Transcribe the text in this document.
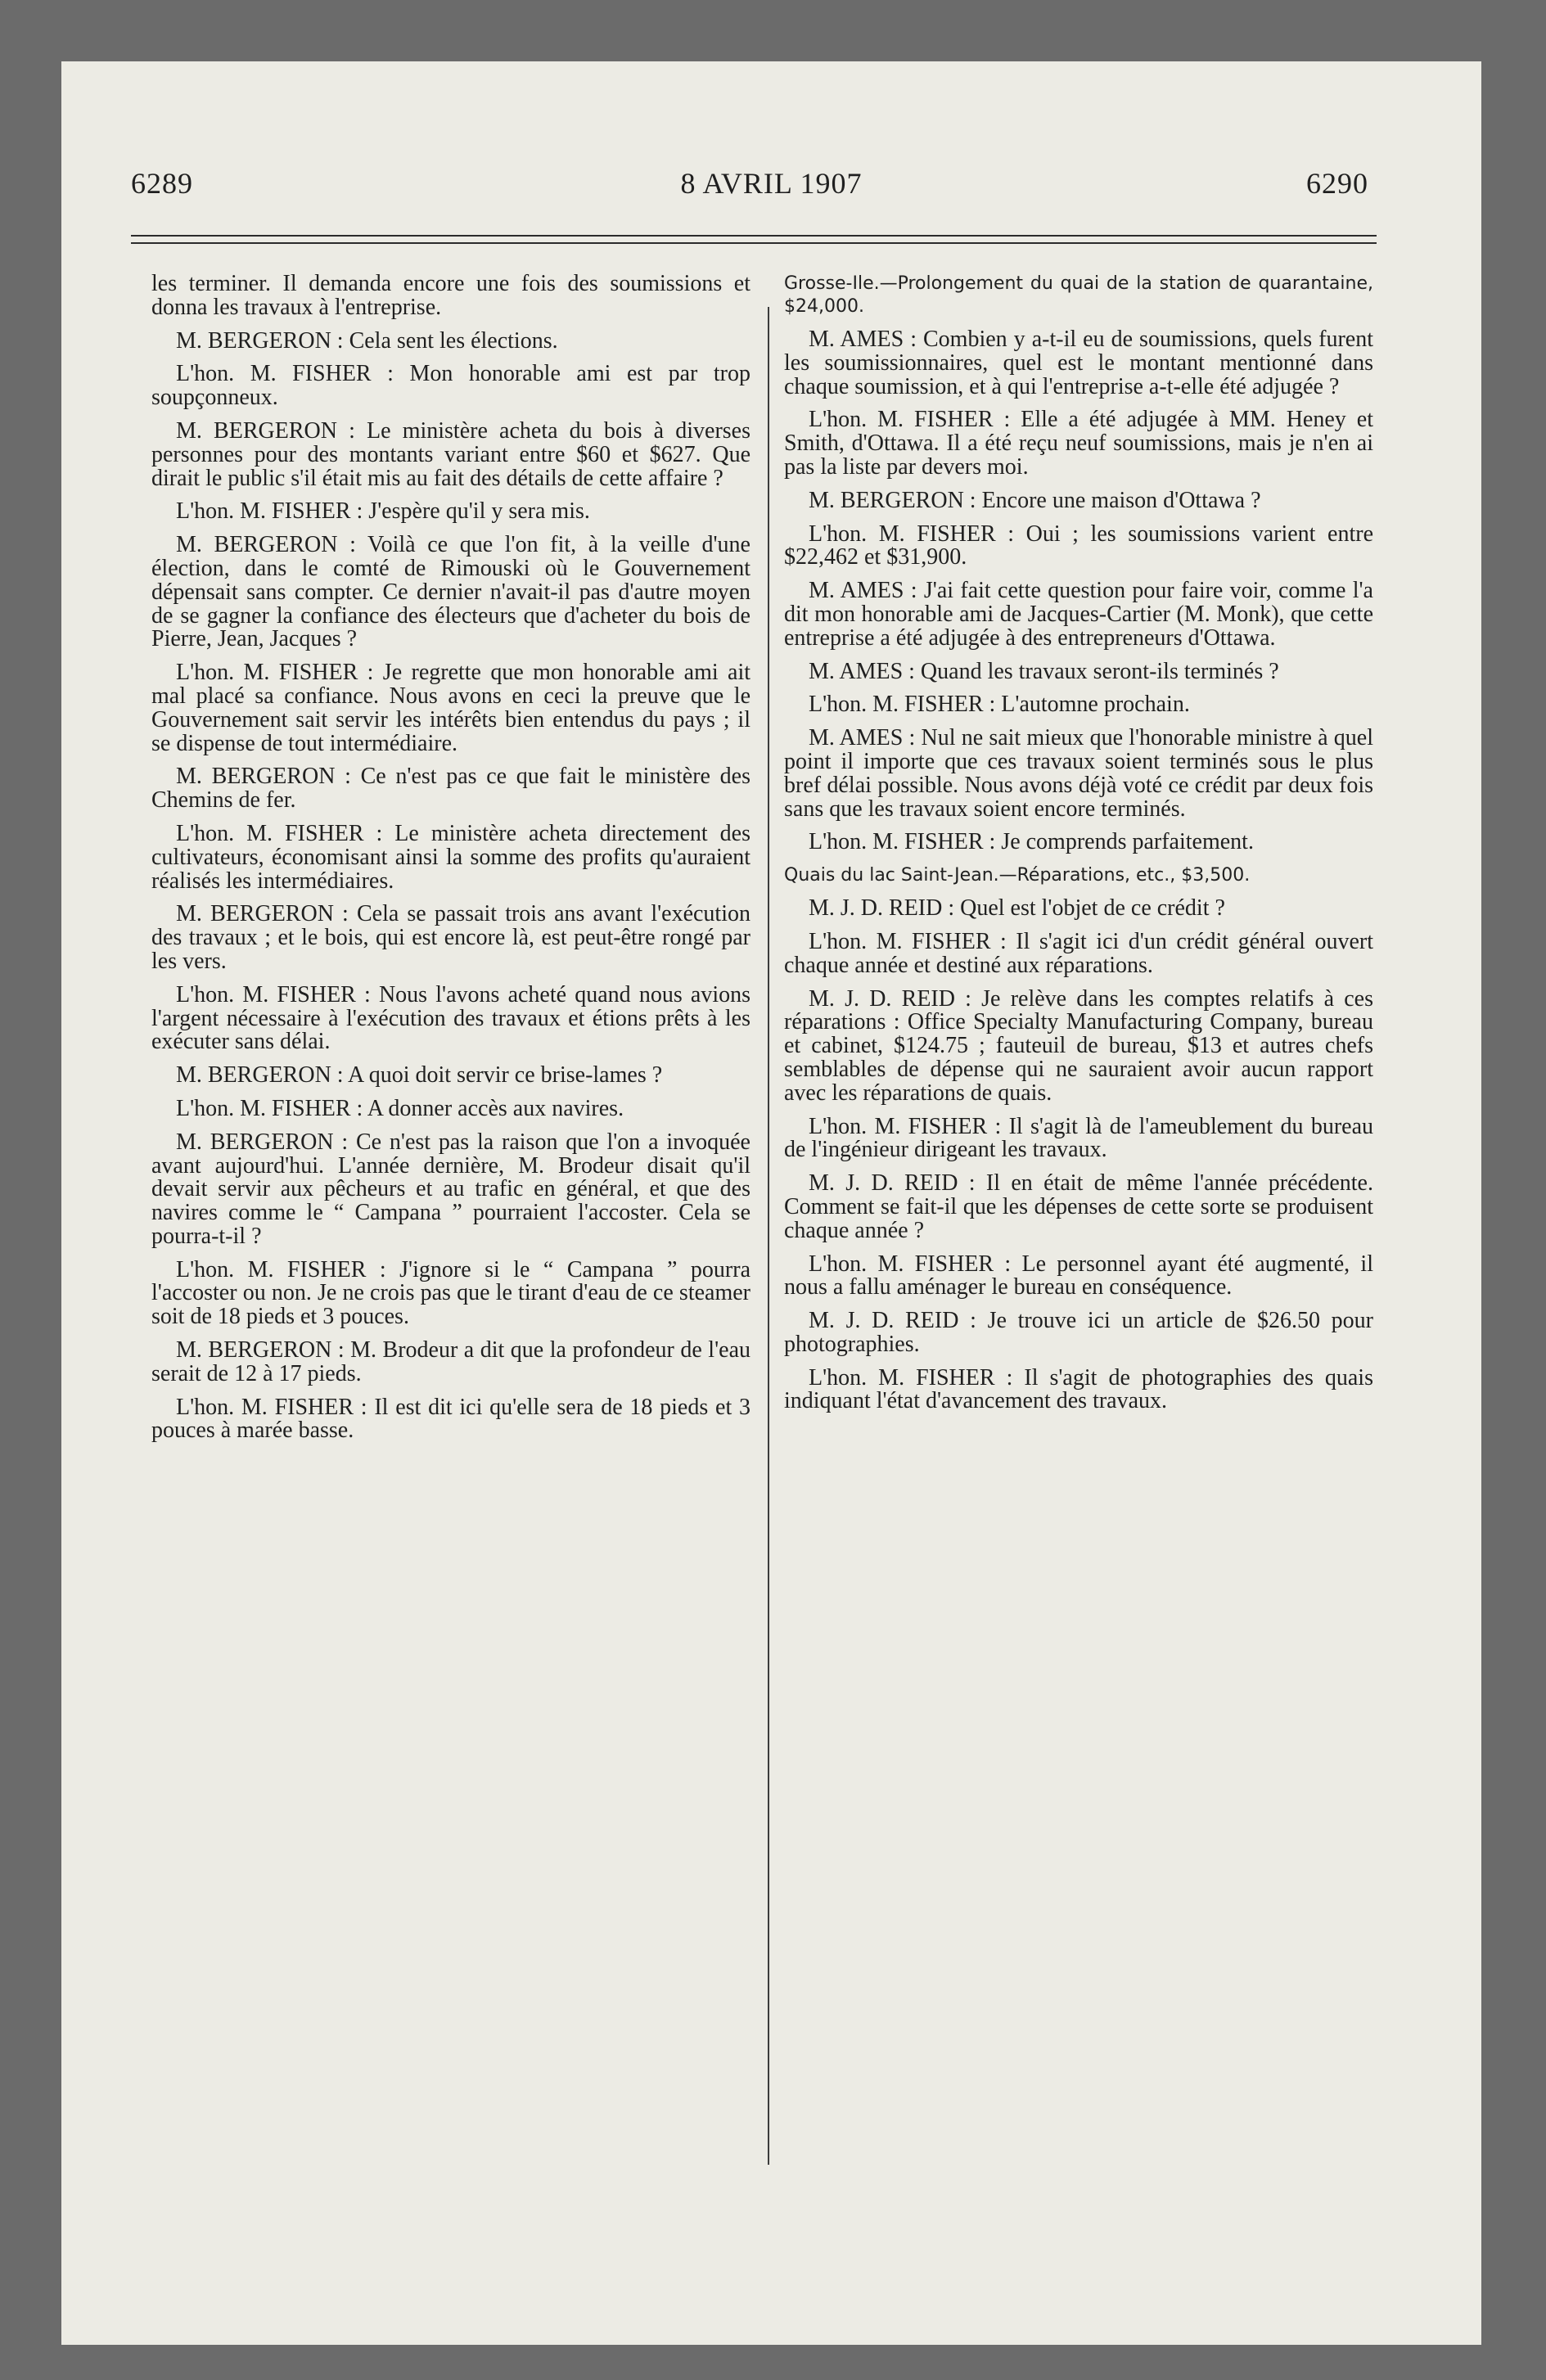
6289	8 AVRIL 1907	6290

les terminer. Il demanda encore une fois des soumissions et donna les travaux à l'entreprise.

M. BERGERON : Cela sent les élections.

L'hon. M. FISHER : Mon honorable ami est par trop soupçonneux.

M. BERGERON : Le ministère acheta du bois à diverses personnes pour des montants variant entre $60 et $627. Que dirait le public s'il était mis au fait des détails de cette affaire ?

L'hon. M. FISHER : J'espère qu'il y sera mis.

M. BERGERON : Voilà ce que l'on fit, à la veille d'une élection, dans le comté de Rimouski où le Gouvernement dépensait sans compter. Ce dernier n'avait-il pas d'autre moyen de se gagner la confiance des électeurs que d'acheter du bois de Pierre, Jean, Jacques ?

L'hon. M. FISHER : Je regrette que mon honorable ami ait mal placé sa confiance. Nous avons en ceci la preuve que le Gouvernement sait servir les intérêts bien entendus du pays ; il se dispense de tout intermédiaire.

M. BERGERON : Ce n'est pas ce que fait le ministère des Chemins de fer.

L'hon. M. FISHER : Le ministère acheta directement des cultivateurs, économisant ainsi la somme des profits qu'auraient réalisés les intermédiaires.

M. BERGERON : Cela se passait trois ans avant l'exécution des travaux ; et le bois, qui est encore là, est peut-être rongé par les vers.

L'hon. M. FISHER : Nous l'avons acheté quand nous avions l'argent nécessaire à l'exécution des travaux et étions prêts à les exécuter sans délai.

M. BERGERON : A quoi doit servir ce brise-lames ?

L'hon. M. FISHER : A donner accès aux navires.

M. BERGERON : Ce n'est pas la raison que l'on a invoquée avant aujourd'hui. L'année dernière, M. Brodeur disait qu'il devait servir aux pêcheurs et au trafic en général, et que des navires comme le “ Campana ” pourraient l'accoster. Cela se pourra-t-il ?

L'hon. M. FISHER : J'ignore si le “ Campana ” pourra l'accoster ou non. Je ne crois pas que le tirant d'eau de ce steamer soit de 18 pieds et 3 pouces.

M. BERGERON : M. Brodeur a dit que la profondeur de l'eau serait de 12 à 17 pieds.

L'hon. M. FISHER : Il est dit ici qu'elle sera de 18 pieds et 3 pouces à marée basse.

Grosse-Ile.—Prolongement du quai de la station de quarantaine, $24,000.

M. AMES : Combien y a-t-il eu de soumissions, quels furent les soumissionnaires, quel est le montant mentionné dans chaque soumission, et à qui l'entreprise a-t-elle été adjugée ?

L'hon. M. FISHER : Elle a été adjugée à MM. Heney et Smith, d'Ottawa. Il a été reçu neuf soumissions, mais je n'en ai pas la liste par devers moi.

M. BERGERON : Encore une maison d'Ottawa ?

L'hon. M. FISHER : Oui ; les soumissions varient entre $22,462 et $31,900.

M. AMES : J'ai fait cette question pour faire voir, comme l'a dit mon honorable ami de Jacques-Cartier (M. Monk), que cette entreprise a été adjugée à des entrepreneurs d'Ottawa.

M. AMES : Quand les travaux seront-ils terminés ?

L'hon. M. FISHER : L'automne prochain.

M. AMES : Nul ne sait mieux que l'honorable ministre à quel point il importe que ces travaux soient terminés sous le plus bref délai possible. Nous avons déjà voté ce crédit par deux fois sans que les travaux soient encore terminés.

L'hon. M. FISHER : Je comprends parfaitement.

Quais du lac Saint-Jean.—Réparations, etc., $3,500.

M. J. D. REID : Quel est l'objet de ce crédit ?

L'hon. M. FISHER : Il s'agit ici d'un crédit général ouvert chaque année et destiné aux réparations.

M. J. D. REID : Je relève dans les comptes relatifs à ces réparations : Office Specialty Manufacturing Company, bureau et cabinet, $124.75 ; fauteuil de bureau, $13 et autres chefs semblables de dépense qui ne sauraient avoir aucun rapport avec les réparations de quais.

L'hon. M. FISHER : Il s'agit là de l'ameublement du bureau de l'ingénieur dirigeant les travaux.

M. J. D. REID : Il en était de même l'année précédente. Comment se fait-il que les dépenses de cette sorte se produisent chaque année ?

L'hon. M. FISHER : Le personnel ayant été augmenté, il nous a fallu aménager le bureau en conséquence.

M. J. D. REID : Je trouve ici un article de $26.50 pour photographies.

L'hon. M. FISHER : Il s'agit de photographies des quais indiquant l'état d'avancement des travaux.
